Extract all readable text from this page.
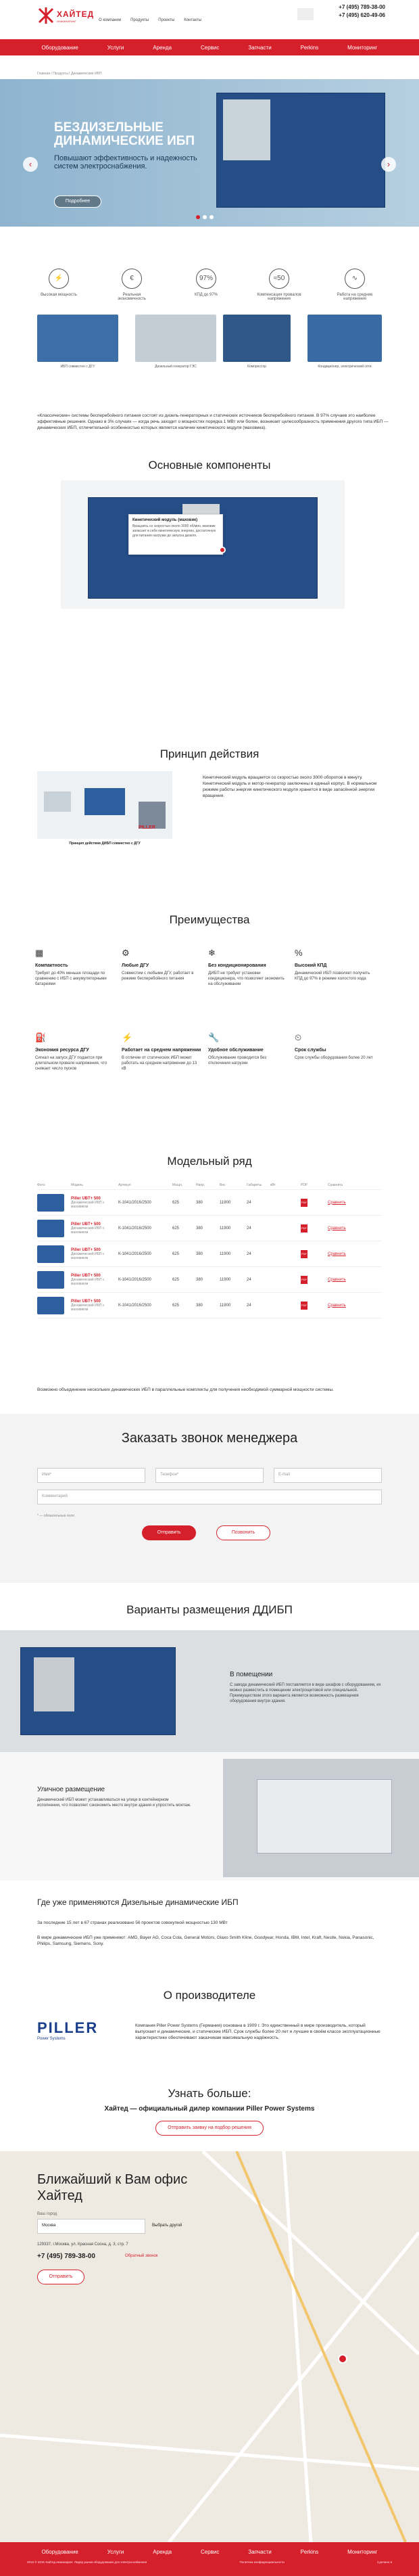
ХАЙТЕД
ИНЖИНИРИНГ	О компании Продукты Проекты Контакты
+7 (495) 789-38-00
+7 (495) 620-49-06
Оборудование	Услуги	Аренда	Сервис	Запчасти	Perkins	Мониторинг
Главная / Продукты / Динамические ИБП
БЕЗДИЗЕЛЬНЫЕ ДИНАМИЧЕСКИЕ ИБП
Повышают эффективность и надежность систем электроснабжения.
Подробнее
‹	›
⚡
Высокая мощность
€
Реальная экономичность
97%
КПД до 97%
≈50
Компенсация провалов напряжения
∿
Работа на средние напряжения
ИБП совместно с ДГУ	Дизельный генератор ГЭС	Компрессор	Кондиционер, электрический сети
«Классические» системы бесперебойного питания состоят из дизель-генераторных и статических источников бесперебойного питания. В 97% случаев это наиболее эффективные решения. Однако в 3% случаях — когда речь заходит о мощностях порядка 1 МВт или более, возникает целесообразность применения другого типа ИБП — динамических ИБП, отличительной особенностью которых является наличие кинетического модуля (маховика).
Основные компоненты
Кинетический модуль (маховик)
Вращаясь со скоростью около 3000 об/мин, маховик запасает в себе кинетическую энергию, достаточную для питания нагрузки до запуска дизеля.
Принцип действия
PILLER
Принцип действия ДИБП совместно с ДГУ
Кинетический модуль вращается со скоростью около 3000 оборотов в минуту. Кинетический модуль и мотор-генератор заключены в единый корпус. В нормальном режиме работы энергия кинетического модуля хранится в виде запасённой энергии вращения.
Преимущества
▦
Компактность
Требует до 40% меньше площади по сравнению с ИБП с аккумуляторными батареями
⚙
Любые ДГУ
Совместим с любыми ДГУ, работает в режиме бесперебойного питания
❄
Без кондиционирования
ДИБП не требует установки кондиционера, что позволяет экономить на обслуживании
%
Высокий КПД
Динамический ИБП позволяет получить КПД до 97% в режиме холостого хода
⛽
Экономия ресурса ДГУ
Сигнал на запуск ДГУ подается при длительном провале напряжения, что снижает число пусков
⚡
Работает на среднем напряжении
В отличие от статических ИБП может работать на среднем напряжении до 13 кВ
🔧
Удобное обслуживание
Обслуживание проводится без отключения нагрузки
⏲
Срок службы
Срок службы оборудования более 20 лет
Модельный ряд
Фото	Модель	Артикул	Мощн.	Напр.	Вес	Габариты	кВт	PDF	Сравнить
Piller UBT+ 500
Динамический ИБП с маховиком
К-1041/2016/2500	625	380	11900	24	PDF	Сравнить
Piller UBT+ 500
Динамический ИБП с маховиком
К-1041/2016/2500	625	380	11900	24	PDF	Сравнить
Piller UBT+ 500
Динамический ИБП с маховиком
К-1041/2016/2500	625	380	11900	24	PDF	Сравнить
Piller UBT+ 500
Динамический ИБП с маховиком
К-1041/2016/2500	625	380	11900	24	PDF	Сравнить
Piller UBT+ 500
Динамический ИБП с маховиком
К-1041/2016/2500	625	380	11900	24	PDF	Сравнить
Возможно объединение нескольких динамических ИБП в параллельные комплекты для получения необходимой суммарной мощности системы.
Заказать звонок менеджера
Имя*	Телефон*	E-mail
Комментарий
* — обязательные поля
Отправить	Позвонить
Варианты размещения ДДИБП
В помещении
С завода динамический ИБП поставляется в виде шкафов с оборудованием, их можно разместить в помещении электрощитовой или специальной. Преимуществом этого варианта является возможность размещения оборудования внутри здания.
Уличное размещение
Динамический ИБП может устанавливаться на улице в контейнерном исполнении, что позволяет сэкономить место внутри здания и упростить монтаж.
Где уже применяются Дизельные динамические ИБП
За последние 15 лет в 67 странах реализовано 56 проектов совокупной мощностью 130 МВт
В мире динамические ИБП уже применяют: AMD, Bayer AG, Coca Cola, General Motors, Glaxo Smith Kline, Goodyear, Honda, IBM, Intel, Kraft, Nestle, Nokia, Panasonic, Philips, Samsung, Siemens, Sony.
О производителе
PILLER
Power Systems
Компания Piller Power Systems (Германия) основана в 1909 г. Это единственный в мире производитель, который выпускает и динамические, и статические ИБП. Срок службы более 20 лет и лучшие в своём классе эксплуатационные характеристики обеспечивают заказчикам максимальную надёжность.
Узнать больше:
Хайтед — официальный дилер компании Piller Power Systems
Отправить заявку на подбор решения
Ближайший к Вам офис Хайтед
Ваш город
Москва	Выбрать другой
129337, г.Москва, ул. Красная Сосна, д. 3, стр. 7
+7 (495) 789-38-00	Обратный звонок
Отправить
Оборудование	Услуги	Аренда	Сервис	Запчасти	Perkins	Мониторинг
2016 © 2016 Хайтед инжиниринг. Лидер рынка оборудования для электроснабжения	Политика конфиденциальности	Сделано в
